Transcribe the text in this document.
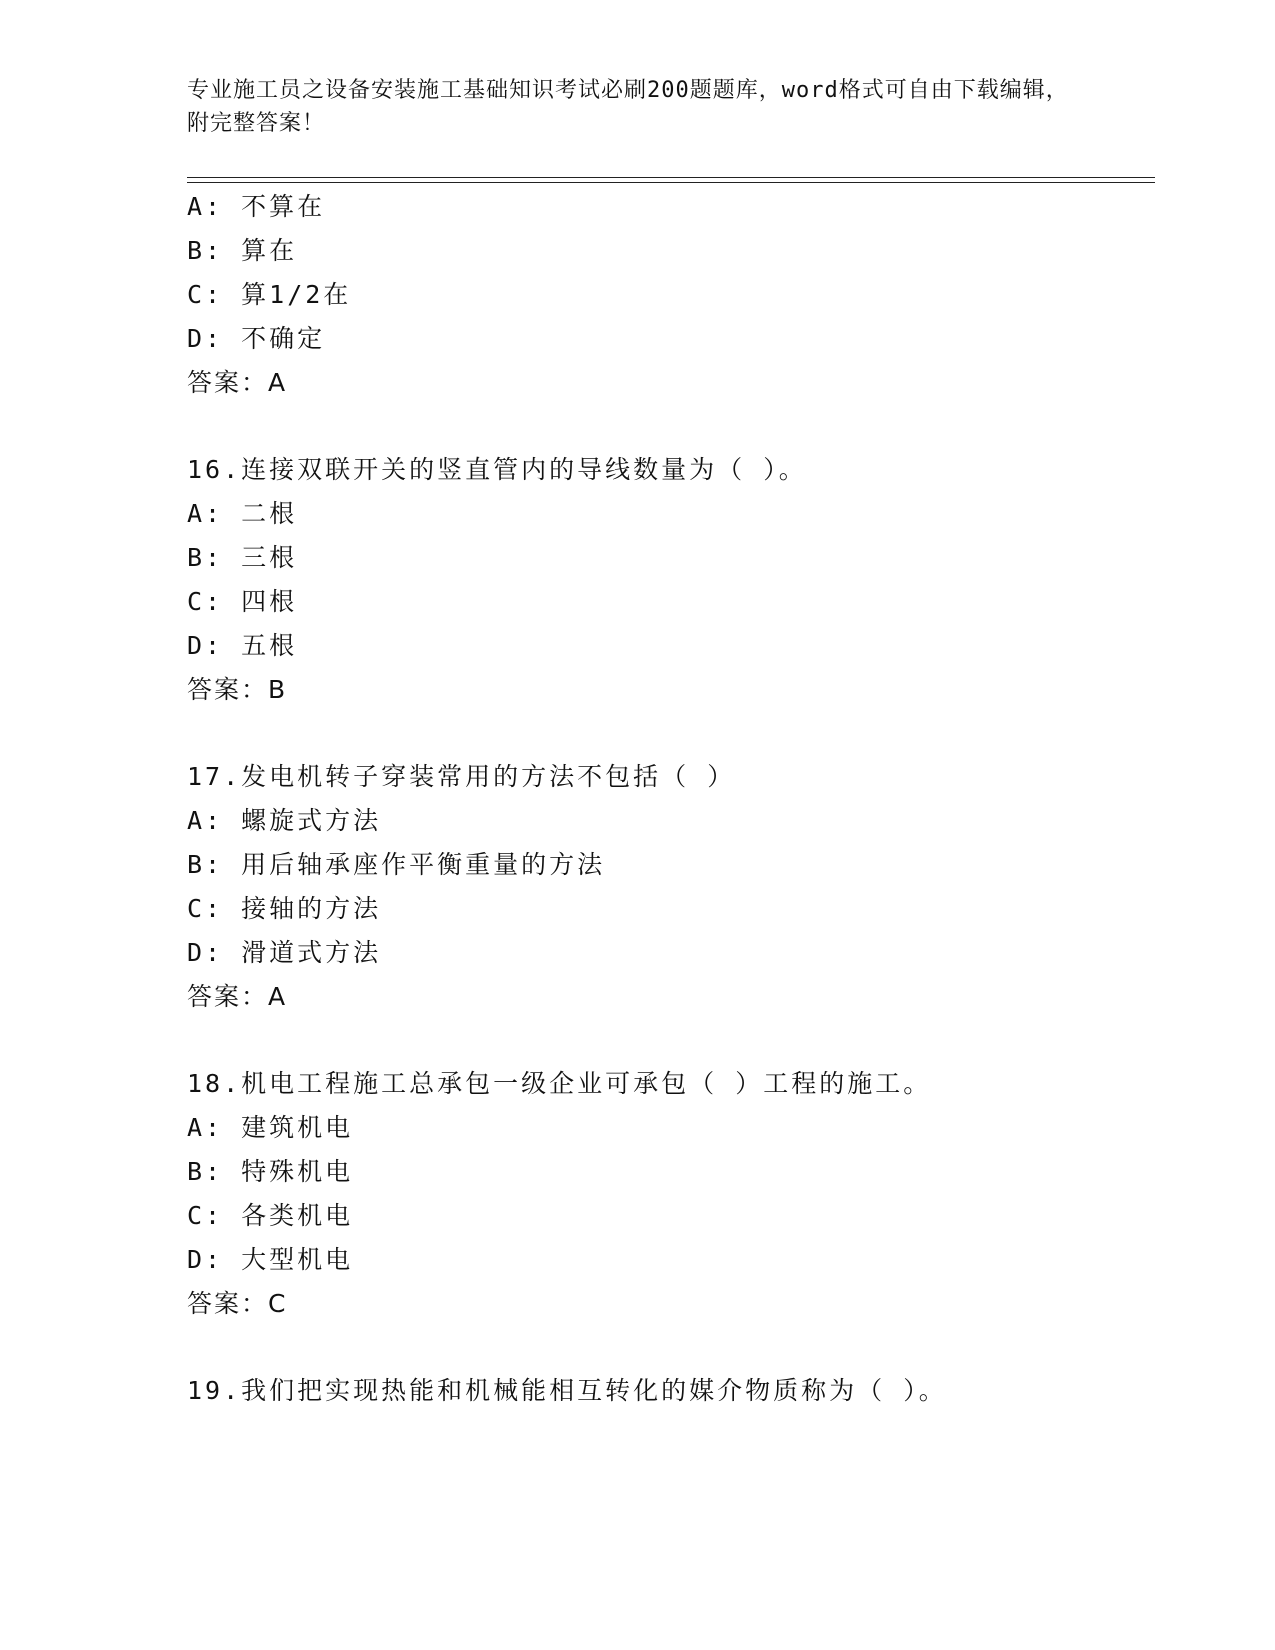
专业施工员之设备安装施工基础知识考试必刷200题题库，word格式可自由下载编辑，附完整答案！
A: 不算在
B: 算在
C: 算1/2在
D: 不确定
答案：A
16.连接双联开关的竖直管内的导线数量为（ ）。
A: 二根
B: 三根
C: 四根
D: 五根
答案：B
17.发电机转子穿装常用的方法不包括（ ）
A: 螺旋式方法
B: 用后轴承座作平衡重量的方法
C: 接轴的方法
D: 滑道式方法
答案：A
18.机电工程施工总承包一级企业可承包（ ）工程的施工。
A: 建筑机电
B: 特殊机电
C: 各类机电
D: 大型机电
答案：C
19.我们把实现热能和机械能相互转化的媒介物质称为（ ）。
